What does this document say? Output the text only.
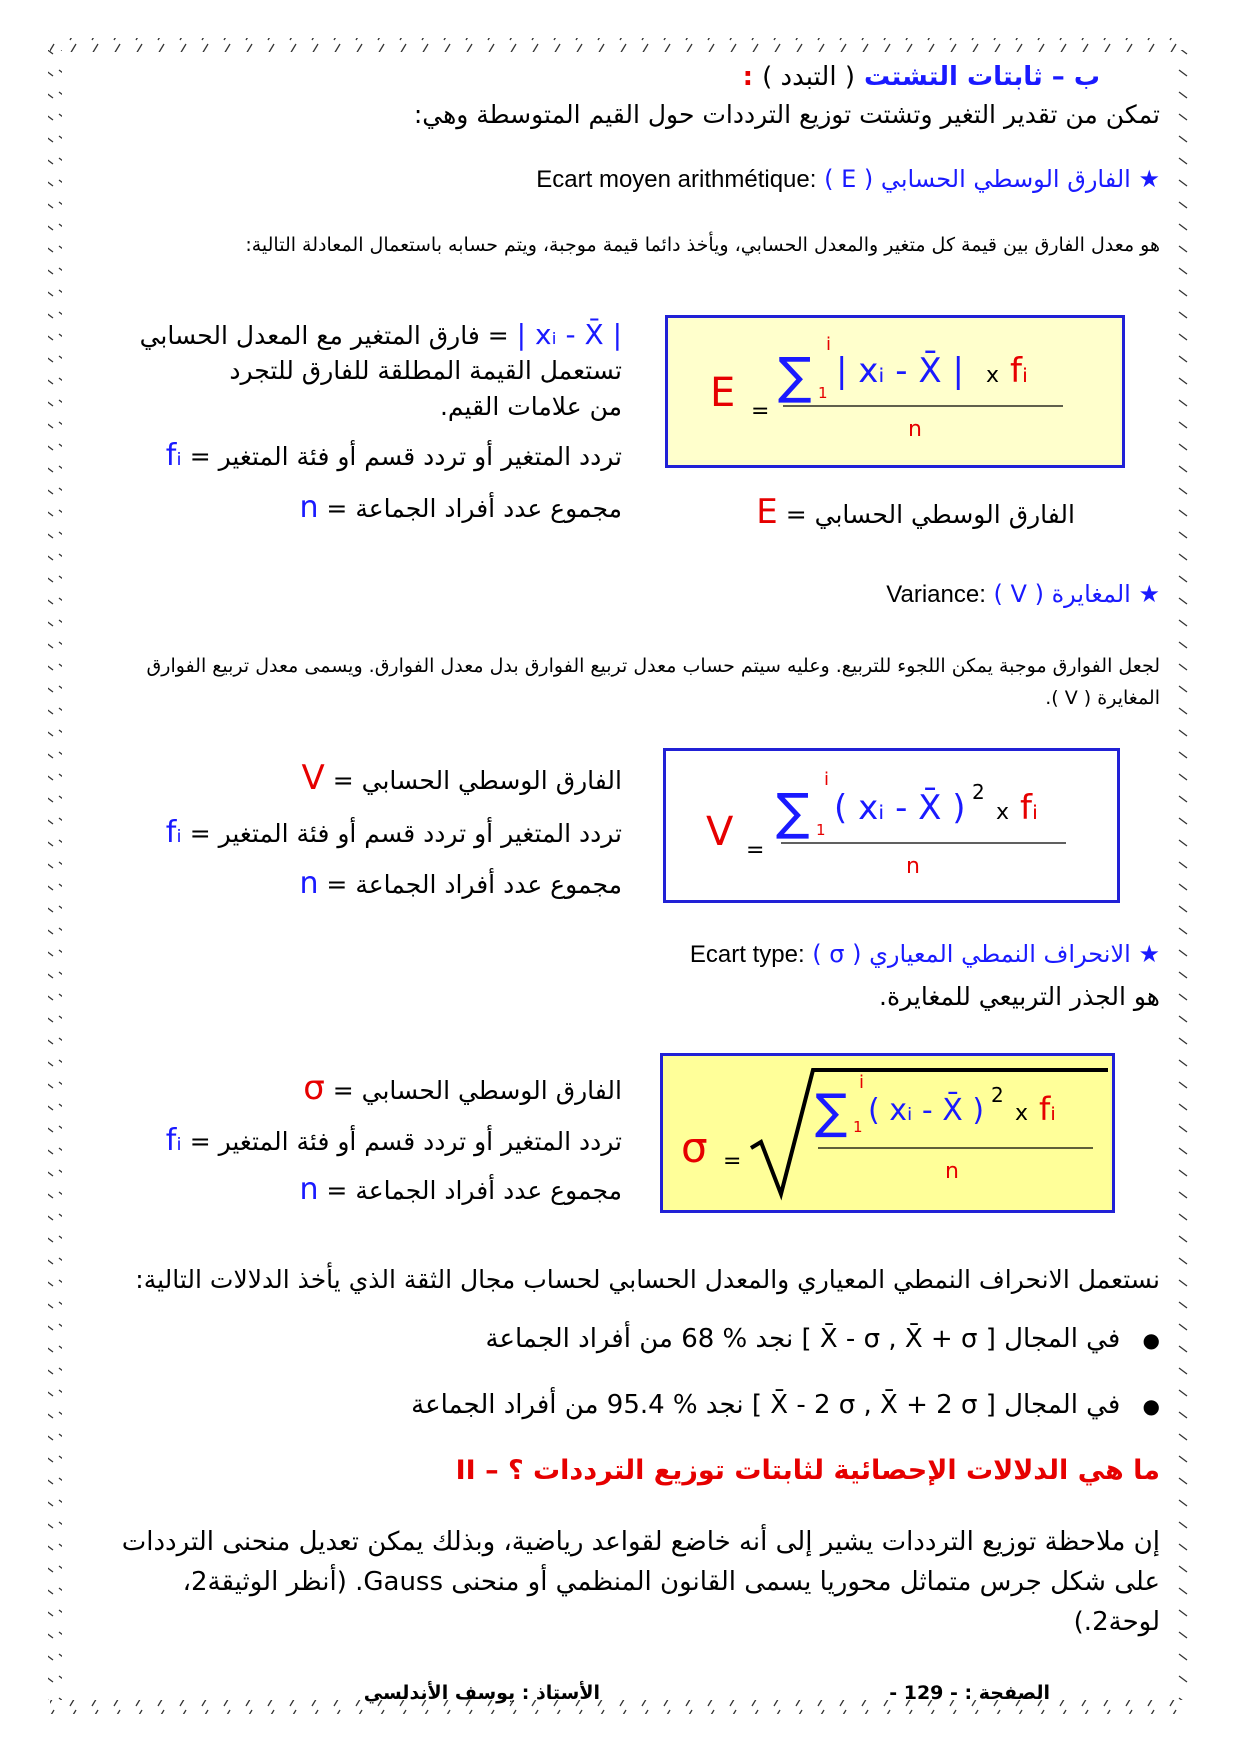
ب – ثابتات التشتت ( التبدد ) :
تمكن من تقدير التغير وتشتت توزيع الترددات حول القيم المتوسطة وهي:
★ الفارق الوسطي الحسابي ( E ) :Ecart moyen arithmétique
هو معدل الفارق بين قيمة كل متغير والمعدل الحسابي، ويأخذ دائما قيمة موجبة، ويتم حسابه باستعمال المعادلة التالية:
| xᵢ - X̄ | = فارق المتغير مع المعدل الحسابي
تستعمل القيمة المطلقة للفارق للتجرد من علامات القيم.
fᵢ = تردد المتغير أو تردد قسم أو فئة المتغير
n = مجموع عدد أفراد الجماعة
E =
∑
i
1
| xᵢ - X̄ | x fᵢ
n
E = الفارق الوسطي الحسابي
★ المغايرة ( V ) :Variance
لجعل الفوارق موجبة يمكن اللجوء للتربيع. وعليه سيتم حساب معدل تربيع الفوارق بدل معدل الفوارق. ويسمى معدل تربيع الفوارق المغايرة ( V ).
V = الفارق الوسطي الحسابي
fᵢ = تردد المتغير أو تردد قسم أو فئة المتغير
n = مجموع عدد أفراد الجماعة
V =
∑
i
1
( xᵢ - X̄ ) 2
x fᵢ
n
★ الانحراف النمطي المعياري ( σ ) :Ecart type
هو الجذر التربيعي للمغايرة.
σ = الفارق الوسطي الحسابي
fᵢ = تردد المتغير أو تردد قسم أو فئة المتغير
n = مجموع عدد أفراد الجماعة
σ =
∑
i
1 ( xᵢ - X̄ ) 2
x fᵢ
n
نستعمل الانحراف النمطي المعياري والمعدل الحسابي لحساب مجال الثقة الذي يأخذ الدلالات التالية:
● في المجال [ X̄ - σ , X̄ + σ ] نجد % 68 من أفراد الجماعة
● في المجال [ X̄ - 2 σ , X̄ + 2 σ ] نجد % 95.4 من أفراد الجماعة
II – ما هي الدلالات الإحصائية لثابتات توزيع الترددات ؟
إن ملاحظة توزيع الترددات يشير إلى أنه خاضع لقواعد رياضية، وبذلك يمكن تعديل منحنى الترددات على شكل جرس متماثل محوريا يسمى القانون المنظمي أو منحنى Gauss. (أنظر الوثيقة2، لوحة2.)
الصفحة : - 129 -
الأستاذ : يوسف الأندلسي
